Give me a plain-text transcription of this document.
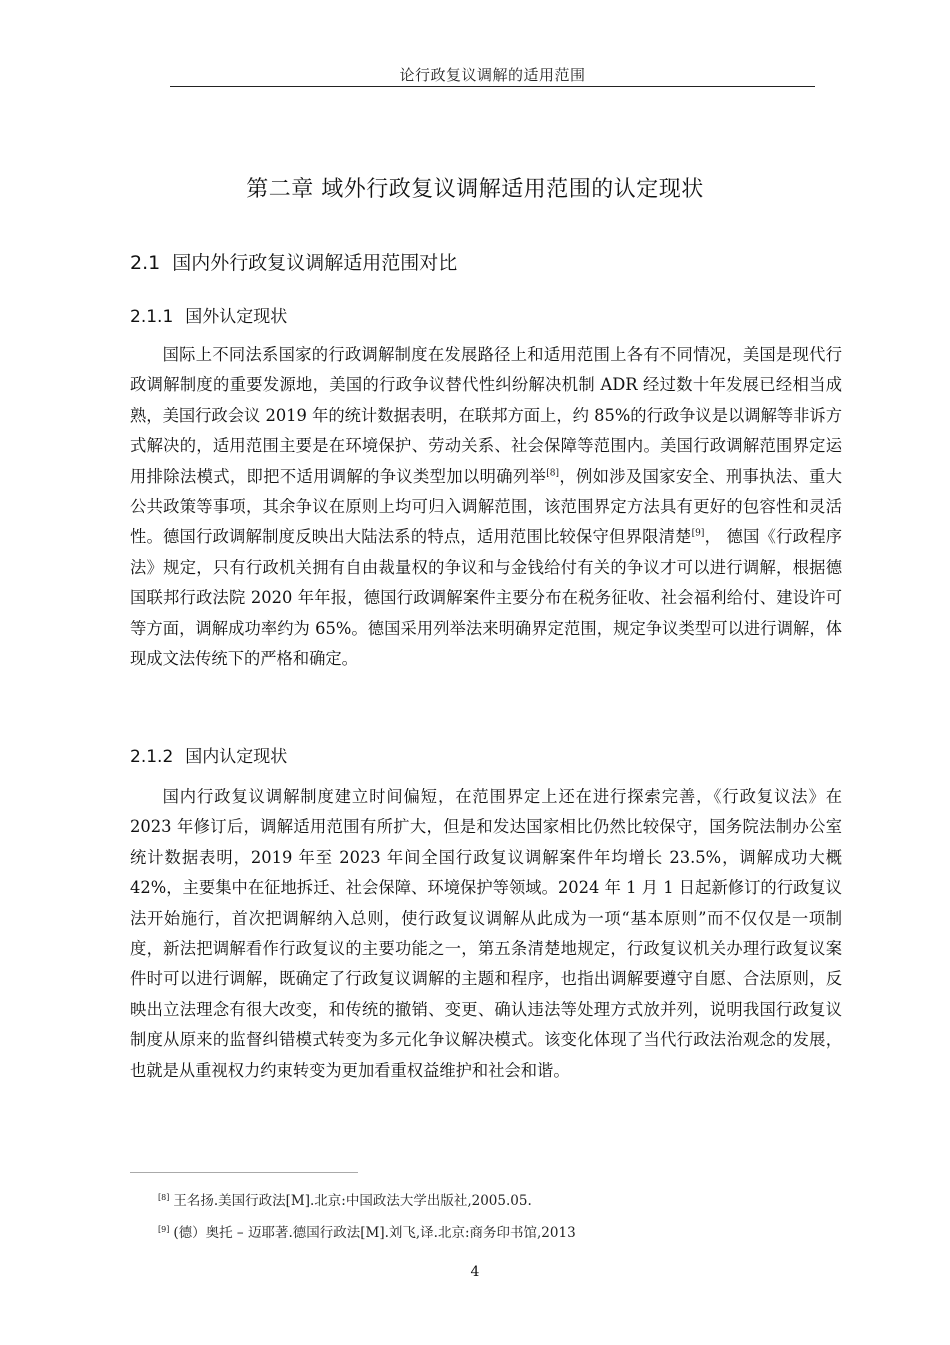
论行政复议调解的适用范围
第二章 域外行政复议调解适用范围的认定现状
2.1 国内外行政复议调解适用范围对比
2.1.1 国外认定现状

国际上不同法系国家的行政调解制度在发展路径上和适用范围上各有不同情况，美国是现代行政调解制度的重要发源地，美国的行政争议替代性纠纷解决机制 ADR 经过数十年发展已经相当成熟，美国行政会议 2019 年的统计数据表明，在联邦方面上，约 85%的行政争议是以调解等非诉方式解决的，适用范围主要是在环境保护、劳动关系、社会保障等范围内。美国行政调解范围界定运用排除法模式，即把不适用调解的争议类型加以明确列举[8]，例如涉及国家安全、刑事执法、重大公共政策等事项，其余争议在原则上均可归入调解范围，该范围界定方法具有更好的包容性和灵活性。德国行政调解制度反映出大陆法系的特点，适用范围比较保守但界限清楚[9]， 德国《行政程序法》规定，只有行政机关拥有自由裁量权的争议和与金钱给付有关的争议才可以进行调解，根据德国联邦行政法院 2020 年年报，德国行政调解案件主要分布在税务征收、社会福利给付、建设许可等方面，调解成功率约为 65%。德国采用列举法来明确界定范围，规定争议类型可以进行调解，体现成文法传统下的严格和确定。

2.1.2 国内认定现状

国内行政复议调解制度建立时间偏短，在范围界定上还在进行探索完善，《行政复议法》在 2023 年修订后，调解适用范围有所扩大，但是和发达国家相比仍然比较保守，国务院法制办公室统计数据表明，2019 年至 2023 年间全国行政复议调解案件年均增长 23.5%，调解成功大概 42%，主要集中在征地拆迁、社会保障、环境保护等领域。2024 年 1 月 1 日起新修订的行政复议法开始施行，首次把调解纳入总则，使行政复议调解从此成为一项“基本原则”而不仅仅是一项制度，新法把调解看作行政复议的主要功能之一，第五条清楚地规定，行政复议机关办理行政复议案件时可以进行调解，既确定了行政复议调解的主题和程序，也指出调解要遵守自愿、合法原则，反映出立法理念有很大改变，和传统的撤销、变更、确认违法等处理方式放并列，说明我国行政复议制度从原来的监督纠错模式转变为多元化争议解决模式。该变化体现了当代行政法治观念的发展，也就是从重视权力约束转变为更加看重权益维护和社会和谐。

[8] 王名扬.美国行政法[M].北京:中国政法大学出版社,2005.05.
[9] (德）奥托 – 迈耶著.德国行政法[M].刘飞,译.北京:商务印书馆,2013
4
